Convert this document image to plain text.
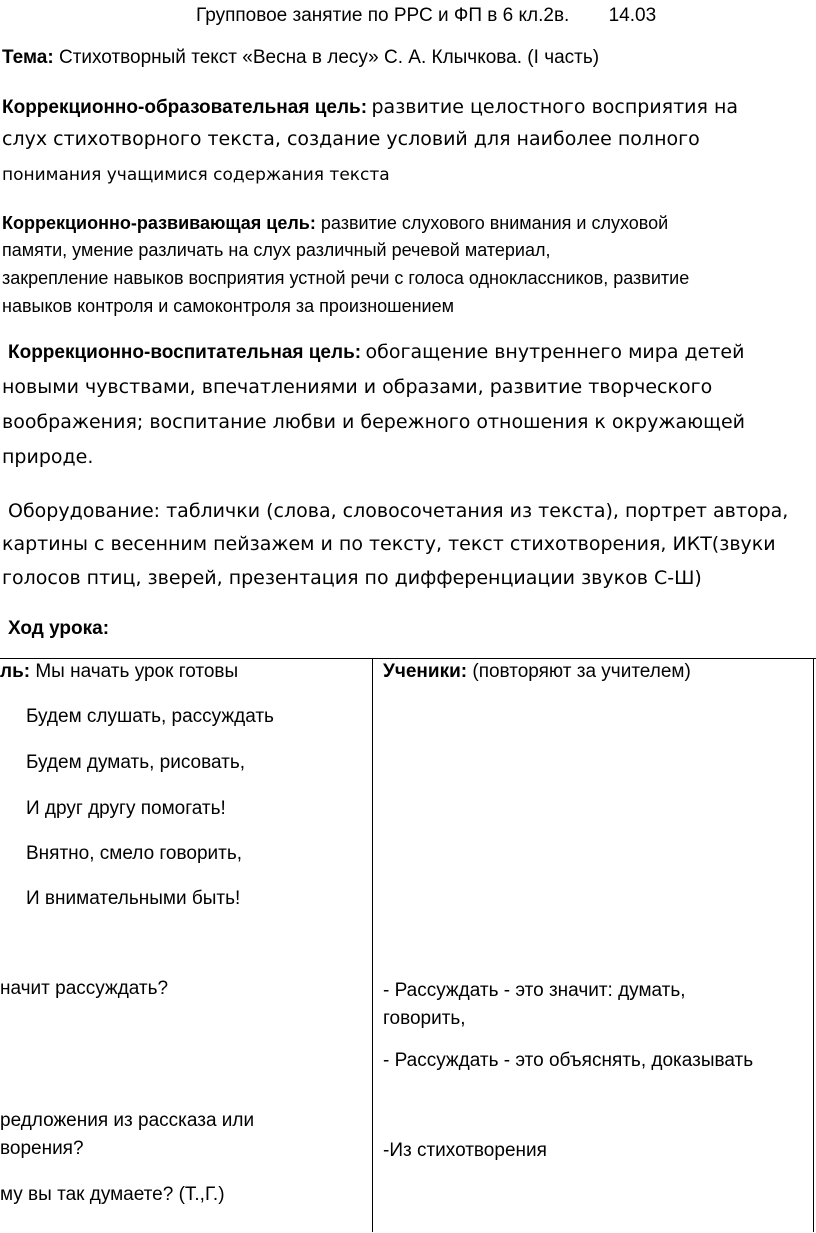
Групповое занятие по РРС и ФП в 6 кл.2в. 14.03
Тема: Стихотворный текст «Весна в лесу» С. А. Клычкова. (I часть)
Коррекционно-образовательная цель: развитие целостного восприятия на
слух стихотворного текста, создание условий для наиболее полного
понимания учащимися содержания текста
Коррекционно-развивающая цель: развитие слухового внимания и слуховой
памяти, умение различать на слух различный речевой материал,
закрепление навыков восприятия устной речи с голоса одноклассников, развитие
навыков контроля и самоконтроля за произношением
Коррекционно-воспитательная цель: обогащение внутреннего мира детей
новыми чувствами, впечатлениями и образами, развитие творческого
воображения; воспитание любви и бережного отношения к окружающей
природе.
Оборудование: таблички (слова, словосочетания из текста), портрет автора,
картины с весенним пейзажем и по тексту, текст стихотворения, ИКТ(звуки
голосов птиц, зверей, презентация по дифференциации звуков С-Ш)
Ход урока:
ль: Мы начать урок готовы
Будем слушать, рассуждать
Будем думать, рисовать,
И друг другу помогать!
Внятно, смело говорить,
И внимательными быть!
начит рассуждать?
редложения из рассказа или
ворения?
му вы так думаете? (Т.,Г.)
Ученики: (повторяют за учителем)
- Рассуждать - это значит: думать,
говорить,
- Рассуждать - это объяснять, доказывать
-Из стихотворения
